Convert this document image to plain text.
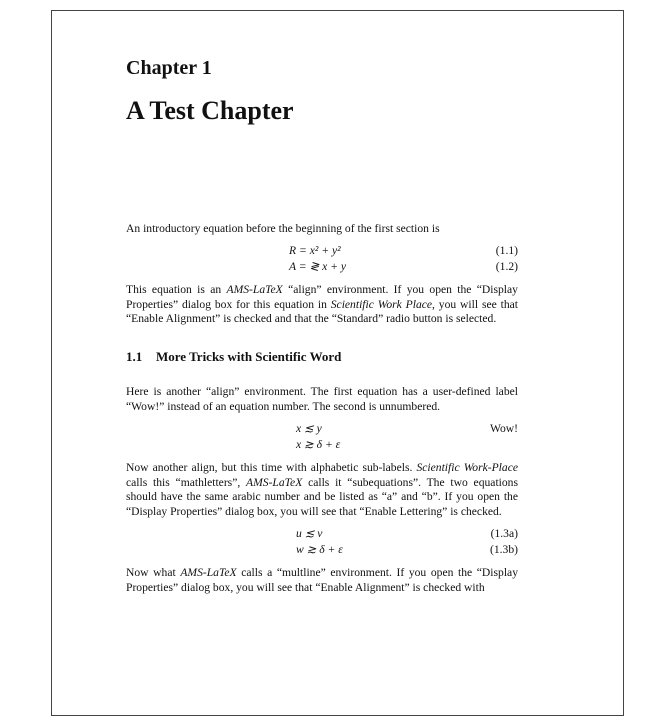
Chapter 1
A Test Chapter

An introductory equation before the beginning of the first section is

R = x² + y²	(1.1)
A = ≷ x + y	(1.2)

This equation is an AMS-LaTeX “align” environment. If you open the “Display Properties” dialog box for this equation in Scientific Work Place, you will see that “Enable Alignment” is checked and that the “Standard” radio button is selected.

1.1 More Tricks with Scientific Word

Here is another “align” environment. The first equation has a user-defined label “Wow!” instead of an equation number. The second is unnumbered.

x ≲ y	Wow!
x ≳ δ + ε

Now another align, but this time with alphabetic sub-labels. Scientific Work-Place calls this “mathletters”, AMS-LaTeX calls it “subequations”. The two equations should have the same arabic number and be listed as “a” and “b”. If you open the “Display Properties” dialog box, you will see that “Enable Lettering” is checked.

u ≲ v	(1.3a)
w ≳ δ + ε	(1.3b)

Now what AMS-LaTeX calls a “multline” environment. If you open the “Display Properties” dialog box, you will see that “Enable Alignment” is checked with
